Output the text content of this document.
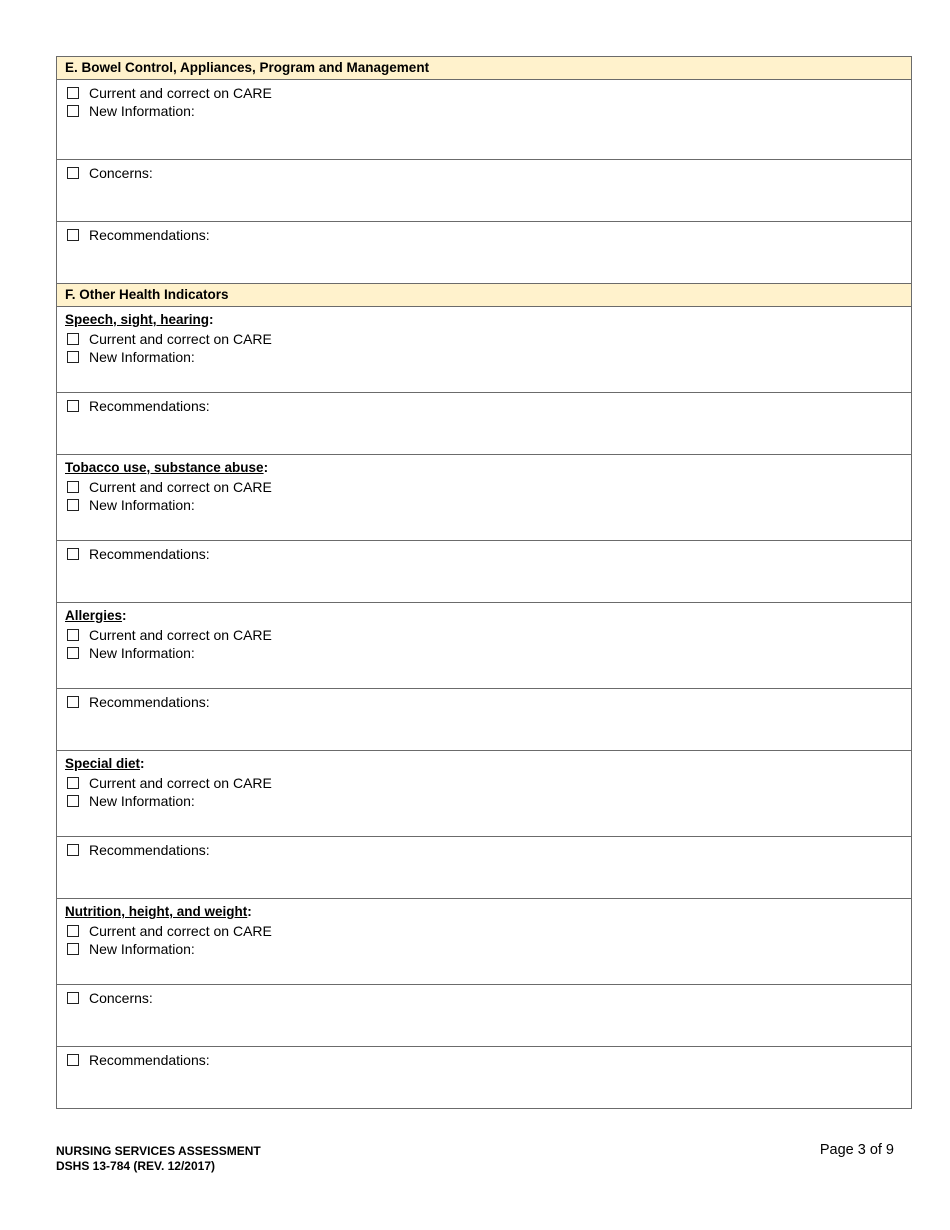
E. Bowel Control, Appliances, Program and Management
Current and correct on CARE
New Information:
Concerns:
Recommendations:
F. Other Health Indicators
Speech, sight, hearing:
Current and correct on CARE
New Information:
Recommendations:
Tobacco use, substance abuse:
Current and correct on CARE
New Information:
Recommendations:
Allergies:
Current and correct on CARE
New Information:
Recommendations:
Special diet:
Current and correct on CARE
New Information:
Recommendations:
Nutrition, height, and weight:
Current and correct on CARE
New Information:
Concerns:
Recommendations:
NURSING SERVICES ASSESSMENT
DSHS 13-784 (REV. 12/2017)
Page 3 of 9
